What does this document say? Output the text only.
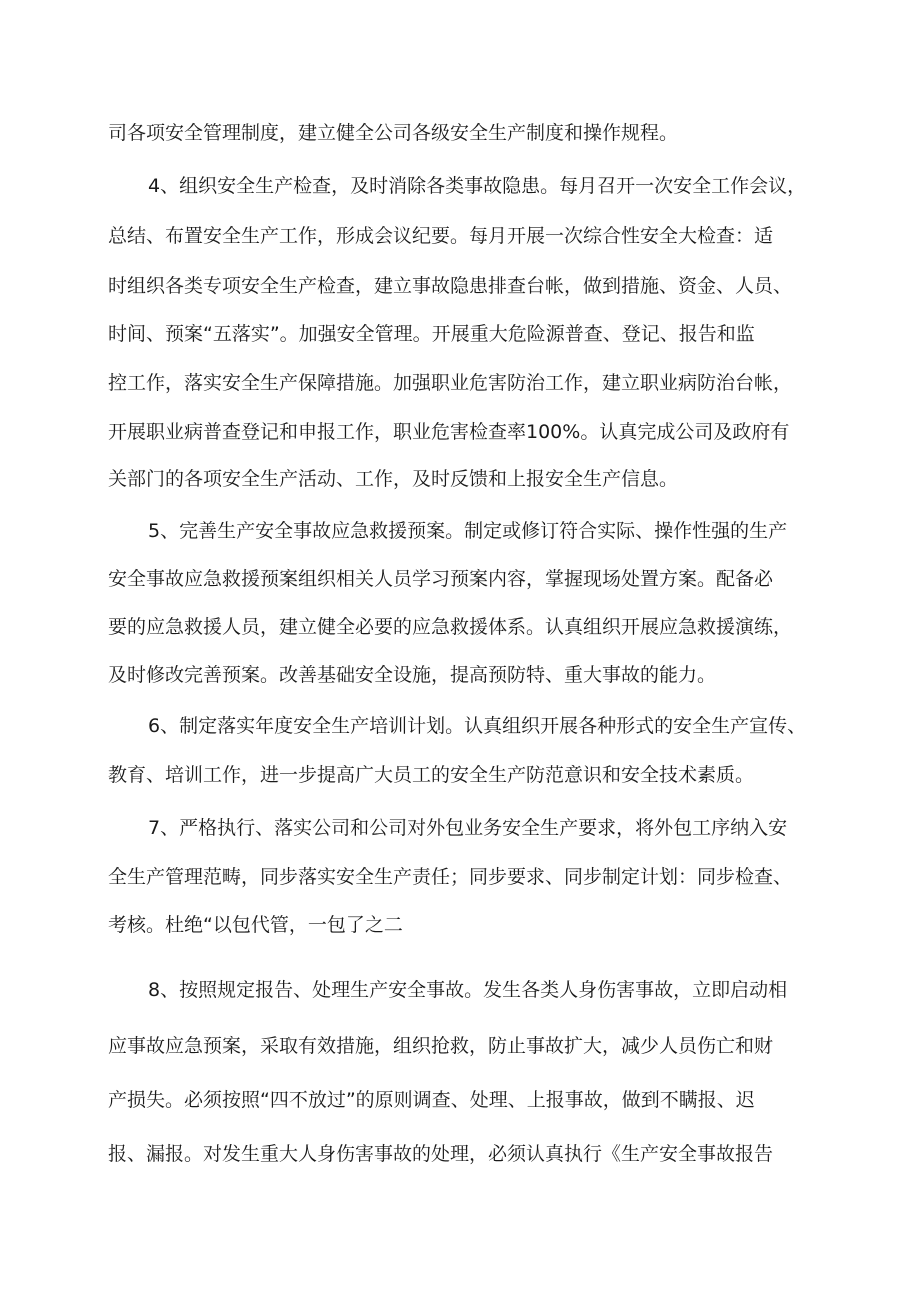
司各项安全管理制度，建立健全公司各级安全生产制度和操作规程。
4、组织安全生产检查，及时消除各类事故隐患。每月召开一次安全工作会议，
总结、布置安全生产工作，形成会议纪要。每月开展一次综合性安全大检查：适
时组织各类专项安全生产检查，建立事故隐患排查台帐，做到措施、资金、人员、
时间、预案“五落实”。加强安全管理。开展重大危险源普查、登记、报告和监
控工作，落实安全生产保障措施。加强职业危害防治工作，建立职业病防治台帐，
开展职业病普查登记和申报工作，职业危害检查率100%。认真完成公司及政府有
关部门的各项安全生产活动、工作，及时反馈和上报安全生产信息。
5、完善生产安全事故应急救援预案。制定或修订符合实际、操作性强的生产
安全事故应急救援预案组织相关人员学习预案内容，掌握现场处置方案。配备必
要的应急救援人员，建立健全必要的应急救援体系。认真组织开展应急救援演练，
及时修改完善预案。改善基础安全设施，提高预防特、重大事故的能力。
6、制定落实年度安全生产培训计划。认真组织开展各种形式的安全生产宣传、
教育、培训工作，进一步提高广大员工的安全生产防范意识和安全技术素质。
7、严格执行、落实公司和公司对外包业务安全生产要求，将外包工序纳入安
全生产管理范畴，同步落实安全生产责任；同步要求、同步制定计划：同步检查、
考核。杜绝“以包代管，一包了之二
8、按照规定报告、处理生产安全事故。发生各类人身伤害事故，立即启动相
应事故应急预案，采取有效措施，组织抢救，防止事故扩大，减少人员伤亡和财
产损失。必须按照“四不放过”的原则调查、处理、上报事故，做到不瞒报、迟
报、漏报。对发生重大人身伤害事故的处理，必须认真执行《生产安全事故报告
